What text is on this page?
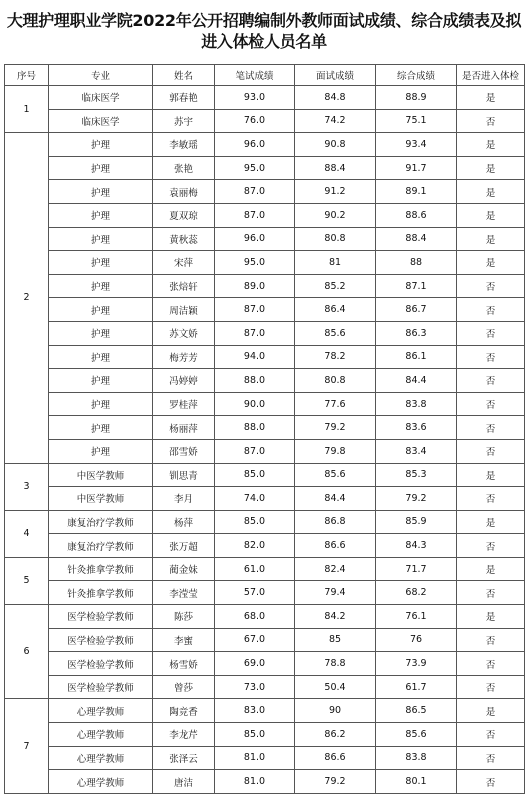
大理护理职业学院2022年公开招聘编制外教师面试成绩、综合成绩表及拟进入体检人员名单
序号	专业	姓名	笔试成绩	面试成绩	综合成绩	是否进入体检
1	临床医学	郭春艳	93.0	84.8	88.9	是
	临床医学	苏宇	76.0	74.2	75.1	否
2	护理	李敏瑶	96.0	90.8	93.4	是
	护理	张艳	95.0	88.4	91.7	是
	护理	袁丽梅	87.0	91.2	89.1	是
	护理	夏双琼	87.0	90.2	88.6	是
	护理	黄秋蕊	96.0	80.8	88.4	是
	护理	宋萍	95.0	81	88	是
	护理	张焙轩	89.0	85.2	87.1	否
	护理	周洁颖	87.0	86.4	86.7	否
	护理	苏文娇	87.0	85.6	86.3	否
	护理	梅芳芳	94.0	78.2	86.1	否
	护理	冯婷婷	88.0	80.8	84.4	否
	护理	罗桂萍	90.0	77.6	83.8	否
	护理	杨丽萍	88.0	79.2	83.6	否
	护理	邵雪娇	87.0	79.8	83.4	否
3	中医学教师	钏思青	85.0	85.6	85.3	是
	中医学教师	李月	74.0	84.4	79.2	否
4	康复治疗学教师	杨萍	85.0	86.8	85.9	是
	康复治疗学教师	张万超	82.0	86.6	84.3	否
5	针灸推拿学教师	蔺金妹	61.0	82.4	71.7	是
	针灸推拿学教师	李滢莹	57.0	79.4	68.2	否
6	医学检验学教师	陈莎	68.0	84.2	76.1	是
	医学检验学教师	李蜜	67.0	85	76	否
	医学检验学教师	杨雪娇	69.0	78.8	73.9	否
	医学检验学教师	曾莎	73.0	50.4	61.7	否
7	心理学教师	陶竞香	83.0	90	86.5	是
	心理学教师	李龙芹	85.0	86.2	85.6	否
	心理学教师	张泽云	81.0	86.6	83.8	否
	心理学教师	唐洁	81.0	79.2	80.1	否
